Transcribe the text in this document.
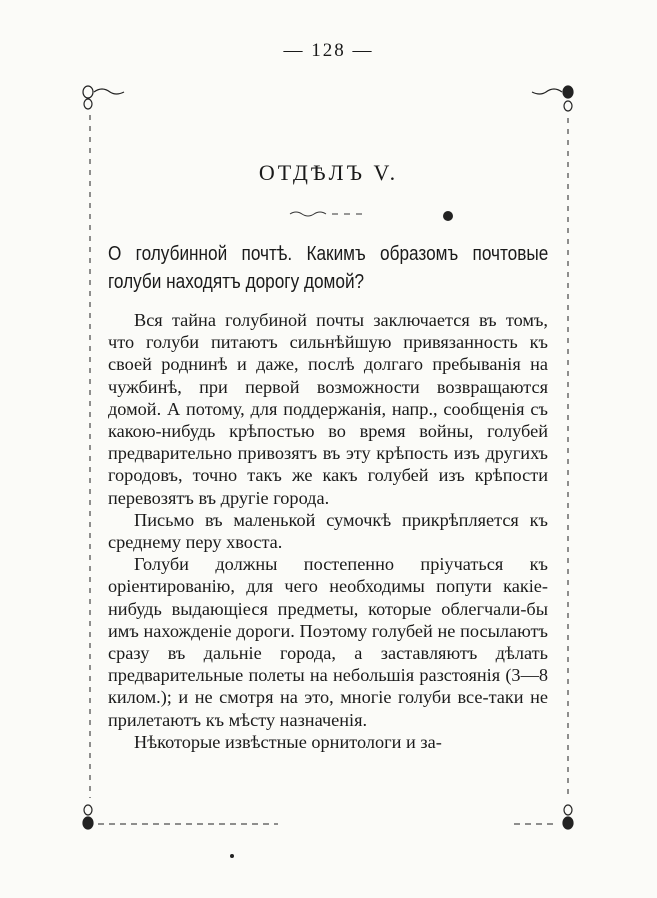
— 128 —
ОТДѢЛЪ V.
О голубинной почтѣ. Какимъ образомъ почтовые голуби находятъ дорогу домой?

Вся тайна голубиной почты заключается въ томъ, что голуби питаютъ сильнѣйшую привязанность къ своей роднинѣ и даже, послѣ долгаго пребыванія на чужбинѣ, при первой возможности возвращаются домой. А потому, для поддержанія, напр., сообщенія съ какою-нибудь крѣпостью во время войны, голубей предварительно привозятъ въ эту крѣпость изъ другихъ городовъ, точно такъ же какъ голубей изъ крѣпости перевозятъ въ другіе города.

Письмо въ маленькой сумочкѣ прикрѣпляется къ среднему перу хвоста.

Голуби должны постепенно пріучаться къ оріентированію, для чего необходимы попути какіе-нибудь выдающіеся предметы, которые облегчали-бы имъ нахожденіе дороги. Поэтому голубей не посылаютъ сразу въ дальніе города, а заставляютъ дѣлать предварительные полеты на небольшія разстоянія (3—8 килом.); и не смотря на это, многіе голуби все-таки не прилетаютъ къ мѣсту назначенія.

Нѣкоторые извѣстные орнитологи и за-
